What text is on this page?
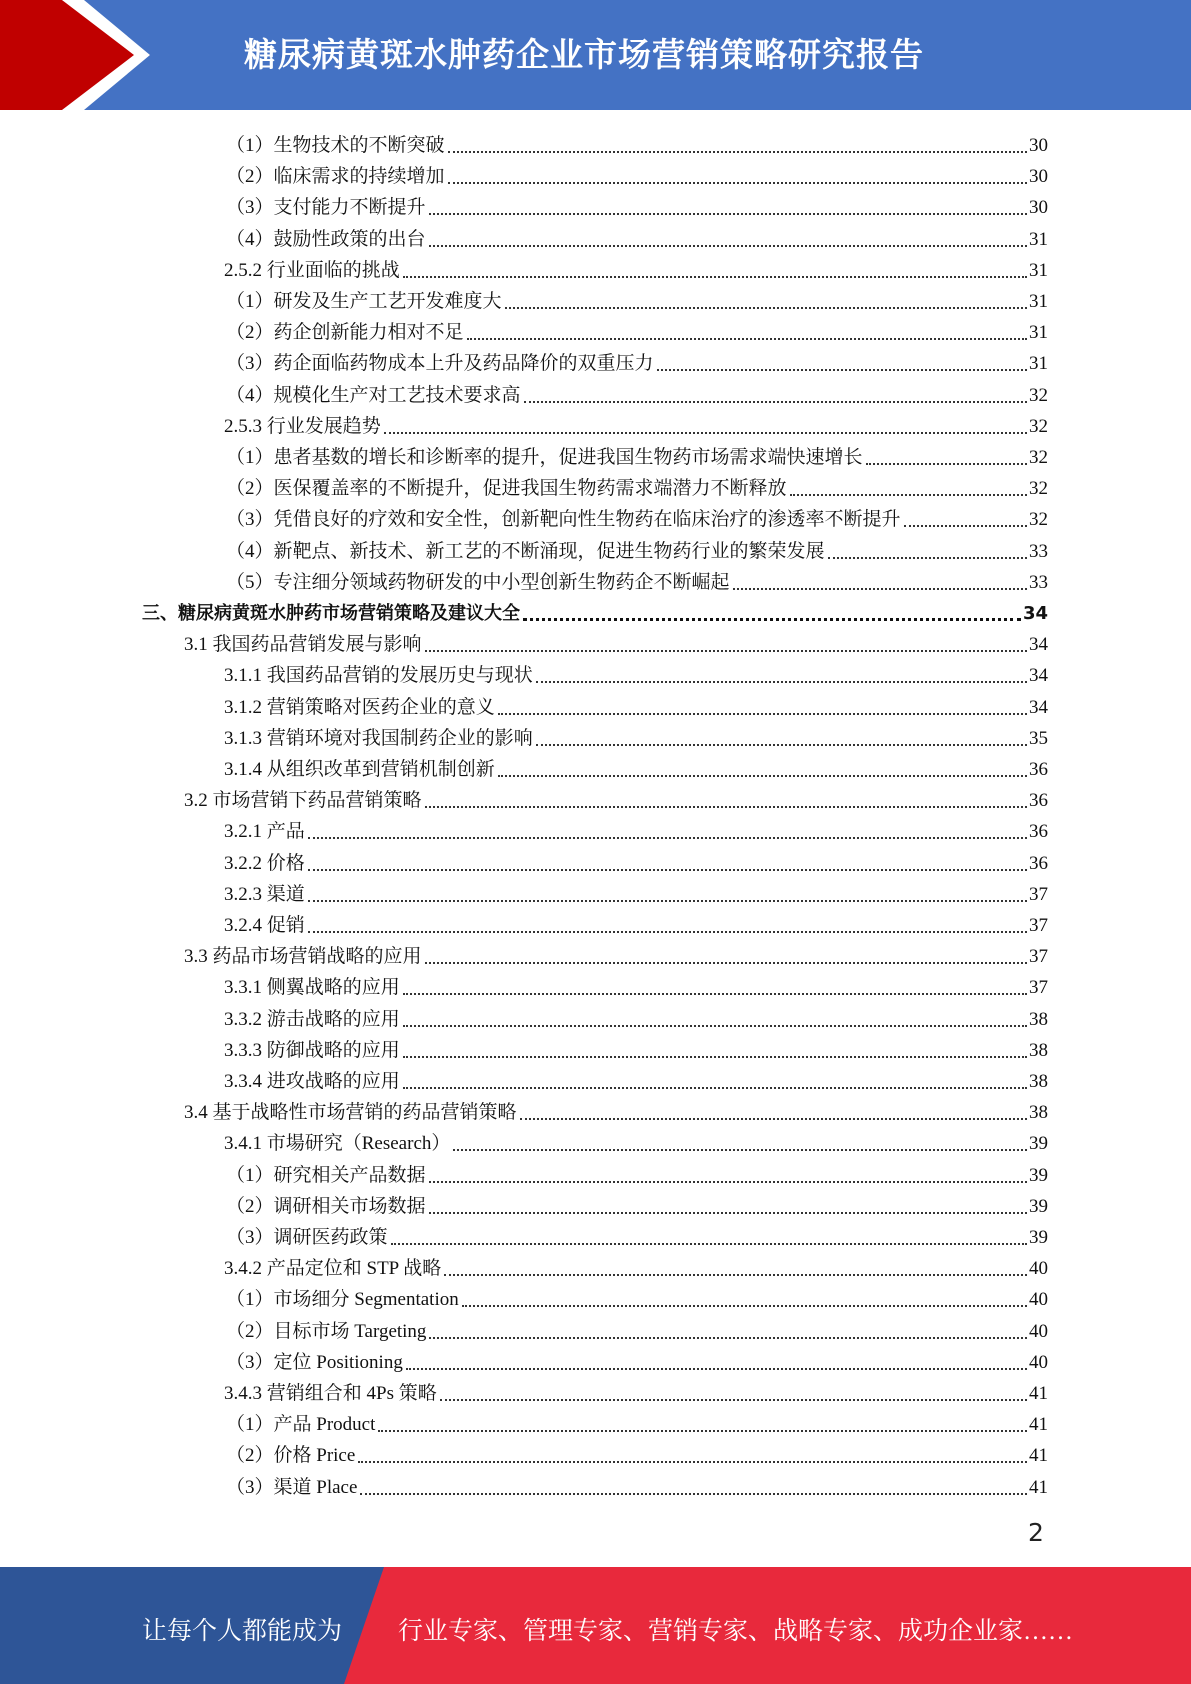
糖尿病黄斑水肿药企业市场营销策略研究报告
（1）生物技术的不断突破	30
（2）临床需求的持续增加	30
（3）支付能力不断提升	30
（4）鼓励性政策的出台	31
2.5.2 行业面临的挑战	31
（1）研发及生产工艺开发难度大	31
（2）药企创新能力相对不足	31
（3）药企面临药物成本上升及药品降价的双重压力	31
（4）规模化生产对工艺技术要求高	32
2.5.3 行业发展趋势	32
（1）患者基数的增长和诊断率的提升，促进我国生物药市场需求端快速增长	32
（2）医保覆盖率的不断提升，促进我国生物药需求端潜力不断释放	32
（3）凭借良好的疗效和安全性，创新靶向性生物药在临床治疗的渗透率不断提升	32
（4）新靶点、新技术、新工艺的不断涌现，促进生物药行业的繁荣发展	33
（5）专注细分领域药物研发的中小型创新生物药企不断崛起	33
三、糖尿病黄斑水肿药市场营销策略及建议大全	34
3.1 我国药品营销发展与影响	34
3.1.1 我国药品营销的发展历史与现状	34
3.1.2 营销策略对医药企业的意义	34
3.1.3 营销环境对我国制药企业的影响	35
3.1.4 从组织改革到营销机制创新	36
3.2 市场营销下药品营销策略	36
3.2.1 产品	36
3.2.2 价格	36
3.2.3 渠道	37
3.2.4 促销	37
3.3 药品市场营销战略的应用	37
3.3.1 侧翼战略的应用	37
3.3.2 游击战略的应用	38
3.3.3 防御战略的应用	38
3.3.4 进攻战略的应用	38
3.4 基于战略性市场营销的药品营销策略	38
3.4.1 市場研究（Research）	39
（1）研究相关产品数据	39
（2）调研相关市场数据	39
（3）调研医药政策	39
3.4.2 产品定位和 STP 战略	40
（1）市场细分 Segmentation	40
（2）目标市场 Targeting	40
（3）定位 Positioning	40
3.4.3 营销组合和 4Ps 策略	41
（1）产品 Product	41
（2）价格 Price	41
（3）渠道 Place	41
2
让每个人都能成为 行业专家、管理专家、营销专家、战略专家、成功企业家……
